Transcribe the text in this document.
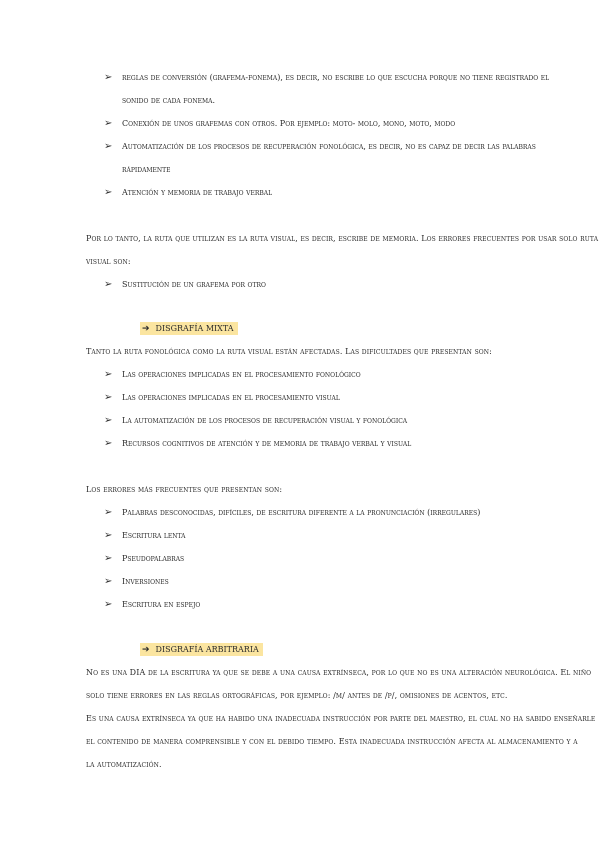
➢ reglas de conversión (grafema-fonema), es decir, no escribe lo que escucha porque no tiene registrado el
sonido de cada fonema.
➢ Conexión de unos grafemas con otros. Por ejemplo: moto- molo, mono, moto, modo
➢ Automatización de los procesos de recuperación fonológica, es decir, no es capaz de decir las palabras
rápidamente
➢ Atención y memoria de trabajo verbal
Por lo tanto, la ruta que utilizan es la ruta visual, es decir, escribe de memoria. Los errores frecuentes por usar solo ruta
visual son:
➢ Sustitución de un grafema por otro
➔ DISGRAFÍA MIXTA
Tanto la ruta fonológica como la ruta visual están afectadas. Las dificultades que presentan son:
➢ Las operaciones implicadas en el procesamiento fonológico
➢ Las operaciones implicadas en el procesamiento visual
➢ La automatización de los procesos de recuperación visual y fonológica
➢ Recursos cognitivos de atención y de memoria de trabajo verbal y visual
Los errores más frecuentes que presentan son:
➢ Palabras desconocidas, difíciles, de escritura diferente a la pronunciación (irregulares)
➢ Escritura lenta
➢ Pseudopalabras
➢ Inversiones
➢ Escritura en espejo
➔ DISGRAFÍA ARBITRARIA
No es una DIA de la escritura ya que se debe a una causa extrínseca, por lo que no es una alteración neurológica. El niño
solo tiene errores en las reglas ortográficas, por ejemplo: /m/ antes de /p/, omisiones de acentos, etc.
Es una causa extrínseca ya que ha habido una inadecuada instrucción por parte del maestro, el cual no ha sabido enseñarle
el contenido de manera comprensible y con el debido tiempo. Esta inadecuada instrucción afecta al almacenamiento y a
la automatización.
